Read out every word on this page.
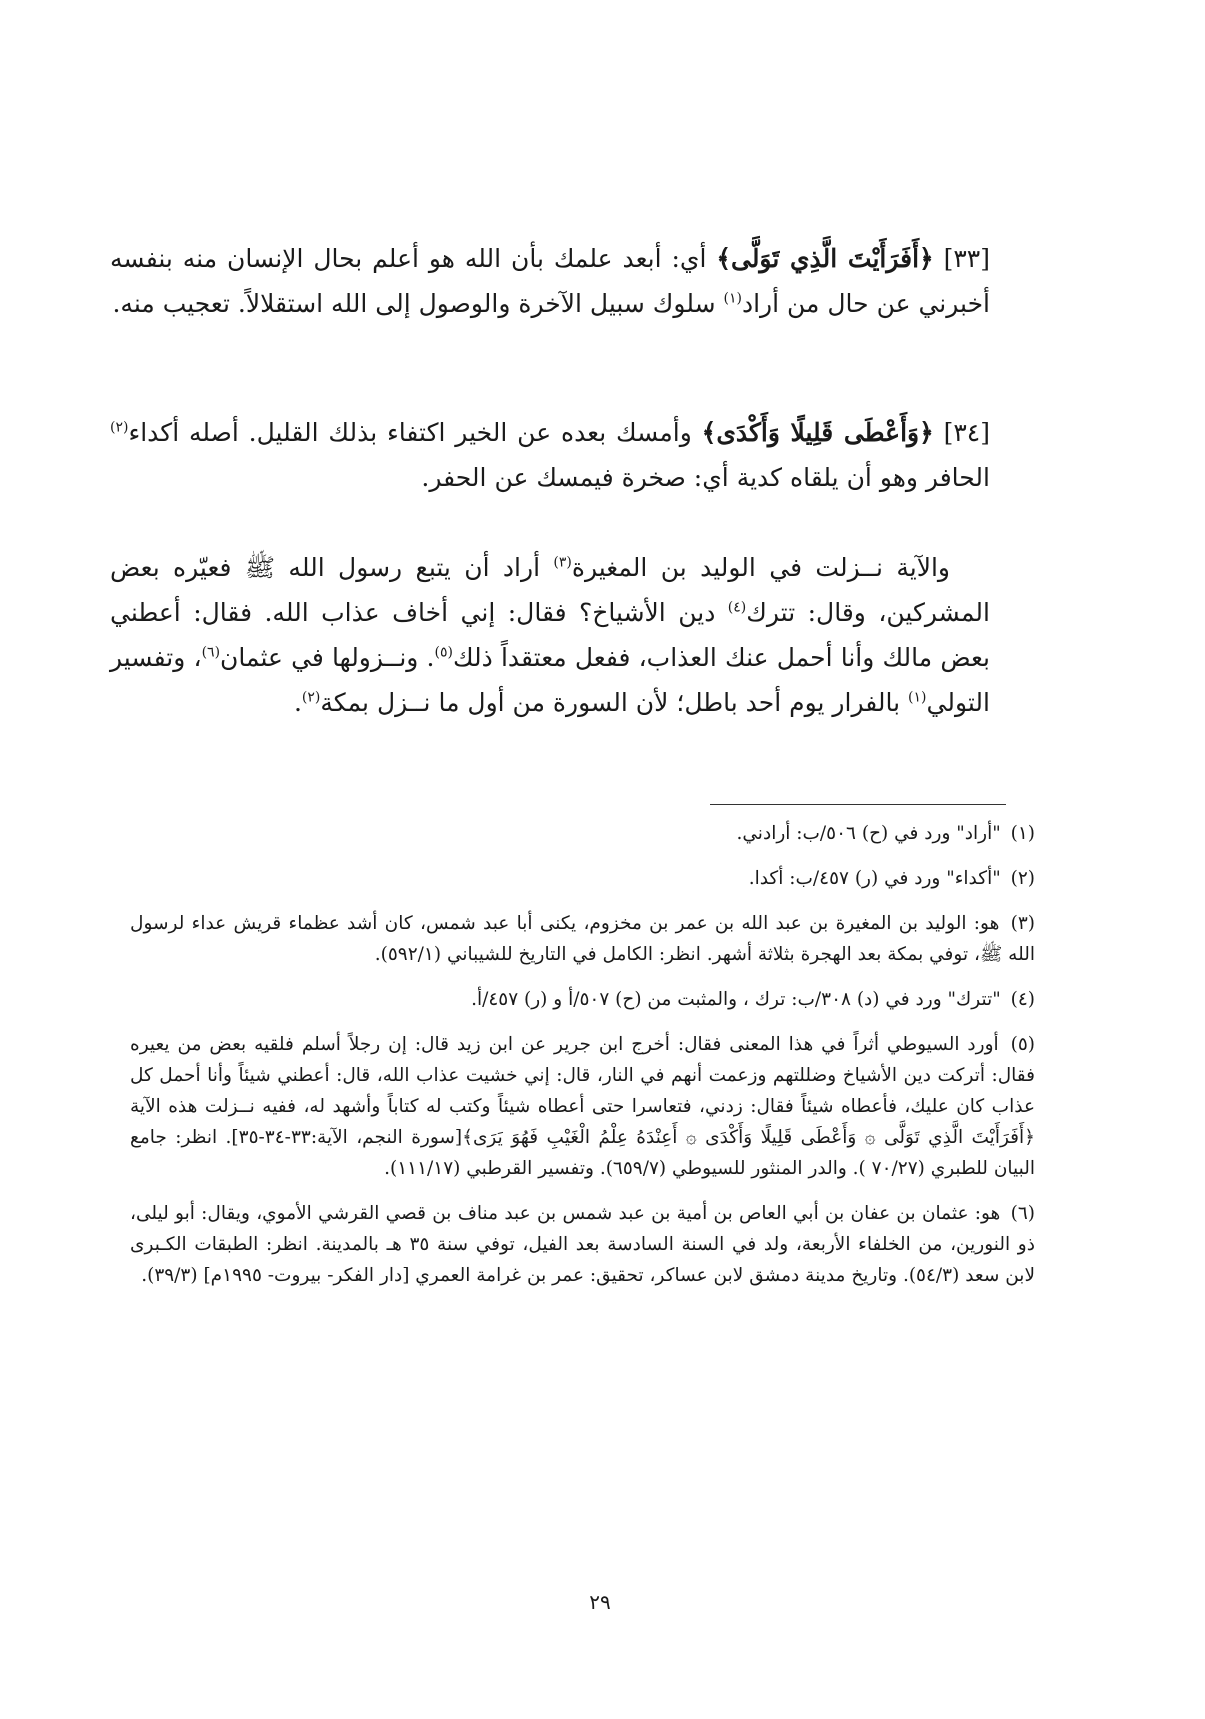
[٣٣] ﴿أَفَرَأَيْتَ الَّذِي تَوَلَّى﴾ أي: أبعد علمك بأن الله هو أعلم بحال الإنسان منه بنفسه أخبرني عن حال من أراد$^{(١)}$ سلوك سبيل الآخرة والوصول إلى الله استقلالاً. تعجيب منه.
[٣٤] ﴿وَأَعْطَى قَلِيلًا وَأَكْدَى﴾ وأمسك بعده عن الخير اكتفاء بذلك القليل. أصله أكداء$^{(٢)}$ الحافر وهو أن يلقاه كدية أي: صخرة فيمسك عن الحفر.
والآية نــزلت في الوليد بن المغيرة$^{(٣)}$ أراد أن يتبع رسول الله ﷺ فعيّره بعض المشركين، وقال: تترك$^{(٤)}$ دين الأشياخ؟ فقال: إني أخاف عذاب الله. فقال: أعطني بعض مالك وأنا أحمل عنك العذاب، ففعل معتقداً ذلك$^{(٥)}$. ونــزولها في عثمان$^{(٦)}$، وتفسير التولي$^{(١)}$ بالفرار يوم أحد باطل؛ لأن السورة من أول ما نــزل بمكة$^{(٢)}$.

(١) "أراد" ورد في (ح) ٥٠٦/ب: أرادني.

(٢) "أكداء" ورد في (ر) ٤٥٧/ب: أكدا.

(٣) هو: الوليد بن المغيرة بن عبد الله بن عمر بن مخزوم، يكنى أبا عبد شمس، كان أشد عظماء قريش عداء لرسول الله ﷺ، توفي بمكة بعد الهجرة بثلاثة أشهر. انظر: الكامل في التاريخ للشيباني (٥٩٢/١).

(٤) "تترك" ورد في (د) ٣٠٨/ب: ترك ، والمثبت من (ح) ٥٠٧/أ و (ر) ٤٥٧/أ.

(٥) أورد السيوطي أثراً في هذا المعنى فقال: أخرج ابن جرير عن ابن زيد قال: إن رجلاً أسلم فلقيه بعض من يعيره فقال: أتركت دين الأشياخ وضللتهم وزعمت أنهم في النار، قال: إني خشيت عذاب الله، قال: أعطني شيئاً وأنا أحمل كل عذاب كان عليك، فأعطاه شيئاً فقال: زدني، فتعاسرا حتى أعطاه شيئاً وكتب له كتاباً وأشهد له، ففيه نــزلت هذه الآية ﴿أَفَرَأَيْتَ الَّذِي تَوَلَّى ۞ وَأَعْطَى قَلِيلًا وَأَكْدَى ۞ أَعِنْدَهُ عِلْمُ الْغَيْبِ فَهُوَ يَرَى﴾[سورة النجم، الآية:٣٣-٣٤-٣٥]. انظر: جامع البيان للطبري (٧٠/٢٧ ). والدر المنثور للسيوطي (٦٥٩/٧). وتفسير القرطبي (١١١/١٧).

(٦) هو: عثمان بن عفان بن أبي العاص بن أمية بن عبد شمس بن عبد مناف بن قصي القرشي الأموي، ويقال: أبو ليلى، ذو النورين، من الخلفاء الأربعة، ولد في السنة السادسة بعد الفيل، توفي سنة ٣٥ هـ بالمدينة. انظر: الطبقات الكـبرى لابن سعد (٥٤/٣). وتاريخ مدينة دمشق لابن عساكر، تحقيق: عمر بن غرامة العمري [دار الفكر- بيروت- ١٩٩٥م] (٣٩/٣).

٢٩
